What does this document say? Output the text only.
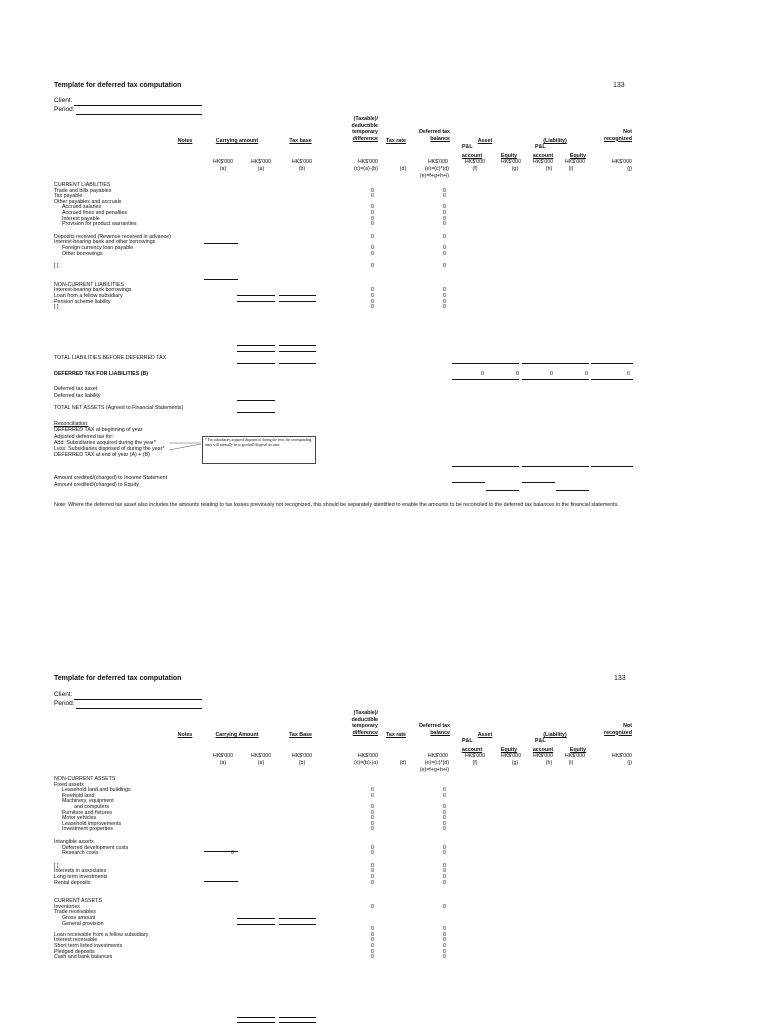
Template for deferred tax computation	133
Client:
Period:
Notes	Carrying amount	Tax base
(Taxable)/
deductible
temporary
difference	Tax rate
Deferred tax
balance	Asset
P&L
account	Equity
(Liability)
P&L
account	Equity
Not
recognized
HK$'000	HK$'000	HK$'000	HK$'000	HK$'000	HK$'000	HK$'000	HK$'000	HK$'000	HK$'000
(a)	(a)	(b)	(c)=(a)-(b)	(d)	(e)=(c)*(d)
(e)=f+g+h+i)
(f)	(g)	(h)	(i)	(j)
CURRENT LIABILITIES
Trade and bills payables	0	0
Tax payable	0	0
Other payables and accruals
Accrued salaries	0	0
Accrued fines and penalties	0	0
Interest payable	0	0
Provision for product warranties	0	0
Deposits received (Revenue received in advance)	0	0
Interest-bearing bank and other borrowings
Foreign currency loan payable	0	0
Other borrowings	0	0
[ ]	0	0
NON-CURRENT LIABILITIES
Interest-bearing bank borrowings	0	0
Loan from a fellow subsidiary	0	0
Pension scheme liability	0	0
[ ]	0	0
TOTAL LIABILITIES BEFORE DEFERRED TAX
DEFERRED TAX FOR LIABILITIES (B)	0	0	0	0	0
Deferred tax asset
Deferred tax liability
TOTAL NET ASSETS (Agreed to Financial Statements)
Reconciliation:
DEFERRED TAX at beginning of year
Adjusted deferred tax for:
Add: Subsidiaries acquired during the year*
Less: Subsidiaries disposed of during the year*
DEFERRED TAX at end of year (A) + (B)
* For subsidiaries acquired/disposed of during the year, the corresponding entry will normally be to goodwill/disposal account.
Amount credited/(charged) to Income Statement
Amount credited/(charged) to Equity
Note: Where the deferred tax asset also includes the amounts relating to tax losses previously not recognized, this should be separately identified to enable the amounts to be reconciled to the deferred tax balances in the financial statements.
Template for deferred tax computation	133
Client:
Period:
Notes	Carrying Amount	Tax Base
(Taxable)/
deductible
temporary
difference	Tax rate
Deferred tax
balance	Asset
P&L
account	Equity
(Liability)
P&L
account	Equity
Not
recognized
HK$'000	HK$'000	HK$'000	HK$'000	HK$'000	HK$'000	HK$'000	HK$'000	HK$'000	HK$'000
(a)	(a)	(b)	(c)=(b)-(a)	(d)	(e)=(c)*(d)
(e)=f+g+h+i)
(f)	(g)	(h)	(i)	(j)
NON-CURRENT ASSETS
Fixed assets
Leasehold land and buildings	0	0
Freehold land	0	0
Machinery, equipment
and computers	0	0
Furniture and fixtures	0	0
Motor vehicles	0	0
Leasehold improvements	0	0
Investment properties	0	0
Intangible assets
Deferred development costs	0	0
Research costs	0	0	0
[ ]	0	0
Interests in associates	0	0
Long term investments	0	0
Rental deposits	0	0
CURRENT ASSETS
Inventories	0	0
Trade receivables
Gross amount
General provision
0	0
Loan receivable from a fellow subsidiary	0	0
Interest receivable	0	0
Short term listed investments	0	0
Pledged deposits	0	0
Cash and bank balances	0	0
